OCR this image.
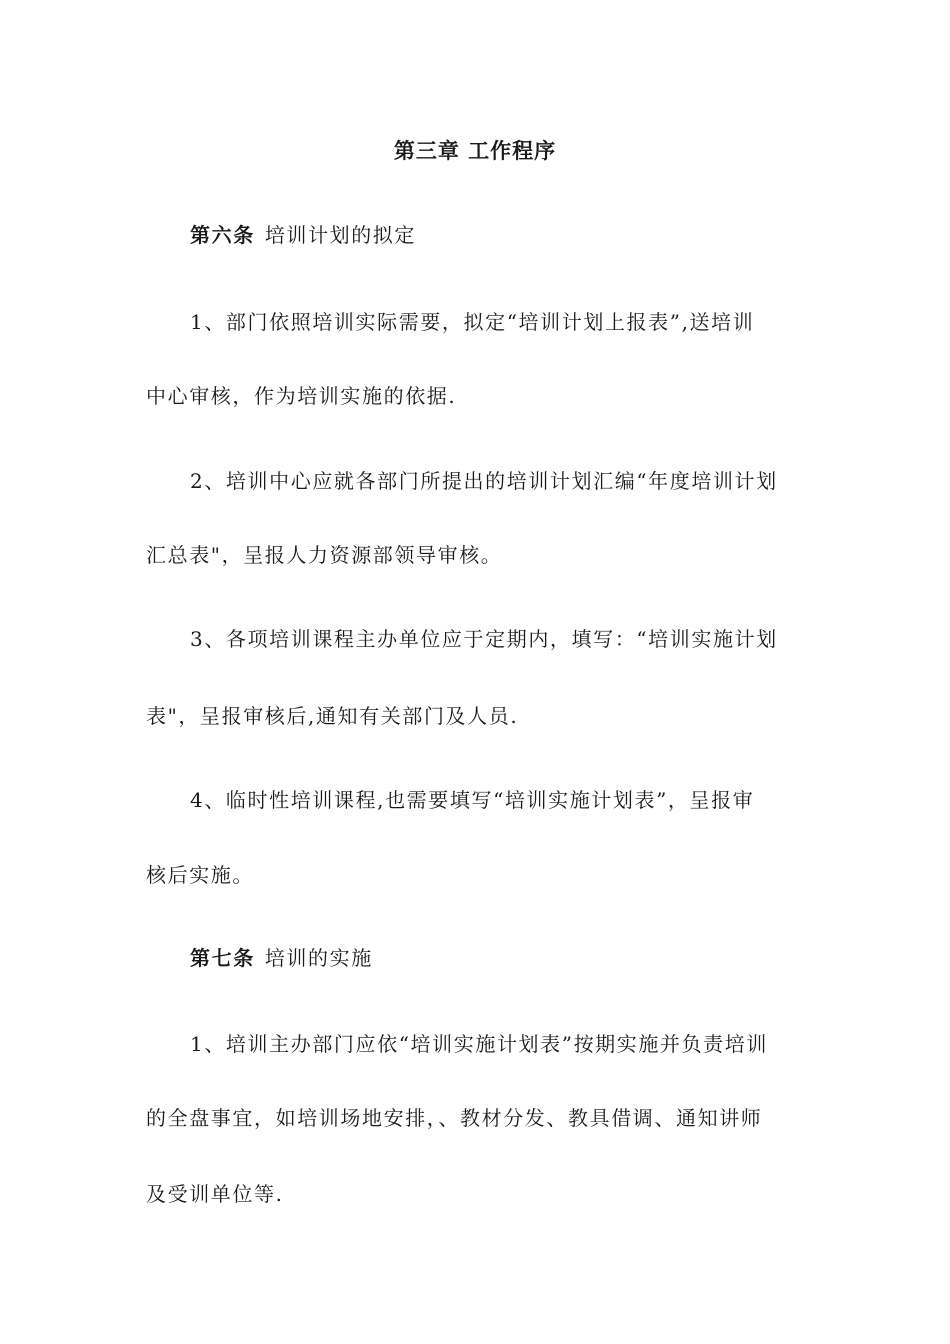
第三章 工作程序
第六条 培训计划的拟定
1、部门依照培训实际需要，拟定“培训计划上报表”,送培训
中心审核，作为培训实施的依据.
2、培训中心应就各部门所提出的培训计划汇编“年度培训计划
汇总表"，呈报人力资源部领导审核。
3、各项培训课程主办单位应于定期内，填写：“培训实施计划
表"，呈报审核后,通知有关部门及人员.
4、临时性培训课程,也需要填写“培训实施计划表”，呈报审
核后实施。
第七条 培训的实施
1、培训主办部门应依“培训实施计划表”按期实施并负责培训
的全盘事宜，如培训场地安排，、教材分发、教具借调、通知讲师
及受训单位等.
